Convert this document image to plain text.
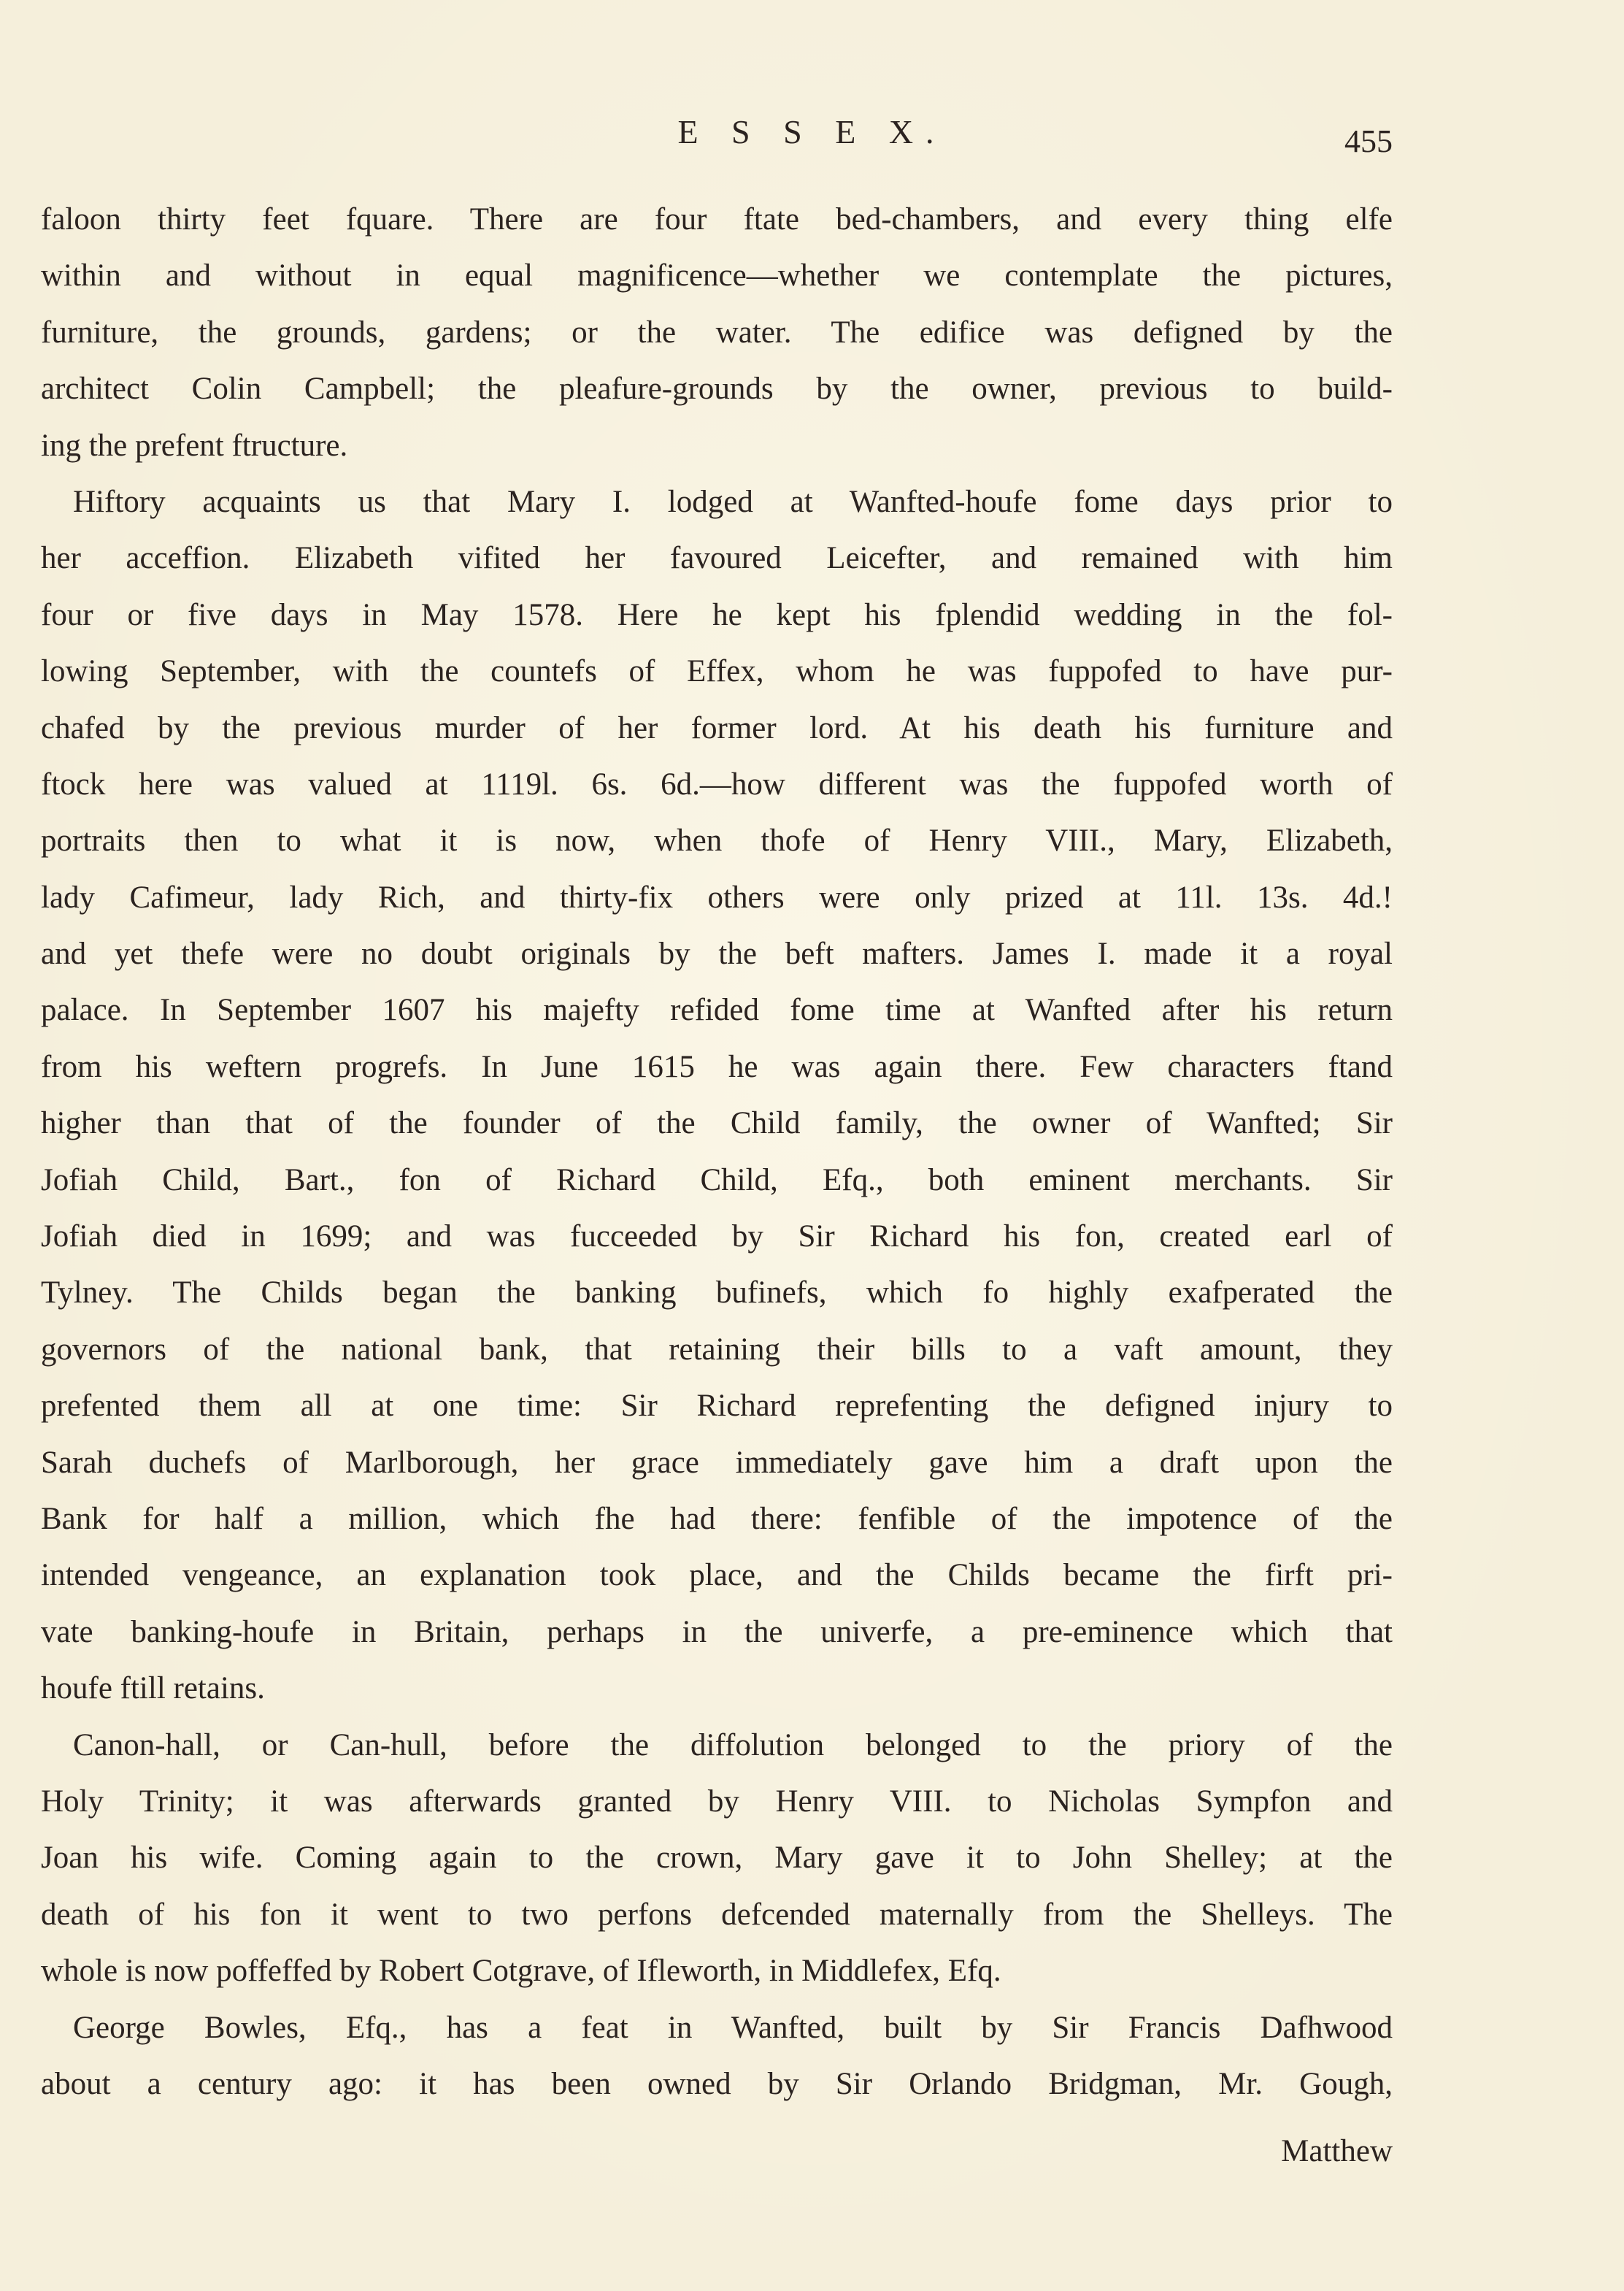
E S S E X.	455
faloon thirty feet fquare. There are four ftate bed-chambers, and every thing elfe
within and without in equal magnificence—whether we contemplate the pictures,
furniture, the grounds, gardens; or the water. The edifice was defigned by the
architect Colin Campbell; the pleafure-grounds by the owner, previous to build-
ing the prefent ftructure.
Hiftory acquaints us that Mary I. lodged at Wanfted-houfe fome days prior to
her acceffion. Elizabeth vifited her favoured Leicefter, and remained with him
four or five days in May 1578. Here he kept his fplendid wedding in the fol-
lowing September, with the countefs of Effex, whom he was fuppofed to have pur-
chafed by the previous murder of her former lord. At his death his furniture and
ftock here was valued at 1119l. 6s. 6d.—how different was the fuppofed worth of
portraits then to what it is now, when thofe of Henry VIII., Mary, Elizabeth,
lady Cafimeur, lady Rich, and thirty-fix others were only prized at 11l. 13s. 4d.!
and yet thefe were no doubt originals by the beft mafters. James I. made it a royal
palace. In September 1607 his majefty refided fome time at Wanfted after his return
from his weftern progrefs. In June 1615 he was again there. Few characters ftand
higher than that of the founder of the Child family, the owner of Wanfted; Sir
Jofiah Child, Bart., fon of Richard Child, Efq., both eminent merchants. Sir
Jofiah died in 1699; and was fucceeded by Sir Richard his fon, created earl of
Tylney. The Childs began the banking bufinefs, which fo highly exafperated the
governors of the national bank, that retaining their bills to a vaft amount, they
prefented them all at one time: Sir Richard reprefenting the defigned injury to
Sarah duchefs of Marlborough, her grace immediately gave him a draft upon the
Bank for half a million, which fhe had there: fenfible of the impotence of the
intended vengeance, an explanation took place, and the Childs became the firft pri-
vate banking-houfe in Britain, perhaps in the univerfe, a pre-eminence which that
houfe ftill retains.
Canon-hall, or Can-hull, before the diffolution belonged to the priory of the
Holy Trinity; it was afterwards granted by Henry VIII. to Nicholas Sympfon and
Joan his wife. Coming again to the crown, Mary gave it to John Shelley; at the
death of his fon it went to two perfons defcended maternally from the Shelleys. The
whole is now poffeffed by Robert Cotgrave, of Ifleworth, in Middlefex, Efq.
George Bowles, Efq., has a feat in Wanfted, built by Sir Francis Dafhwood
about a century ago: it has been owned by Sir Orlando Bridgman, Mr. Gough,
Matthew
